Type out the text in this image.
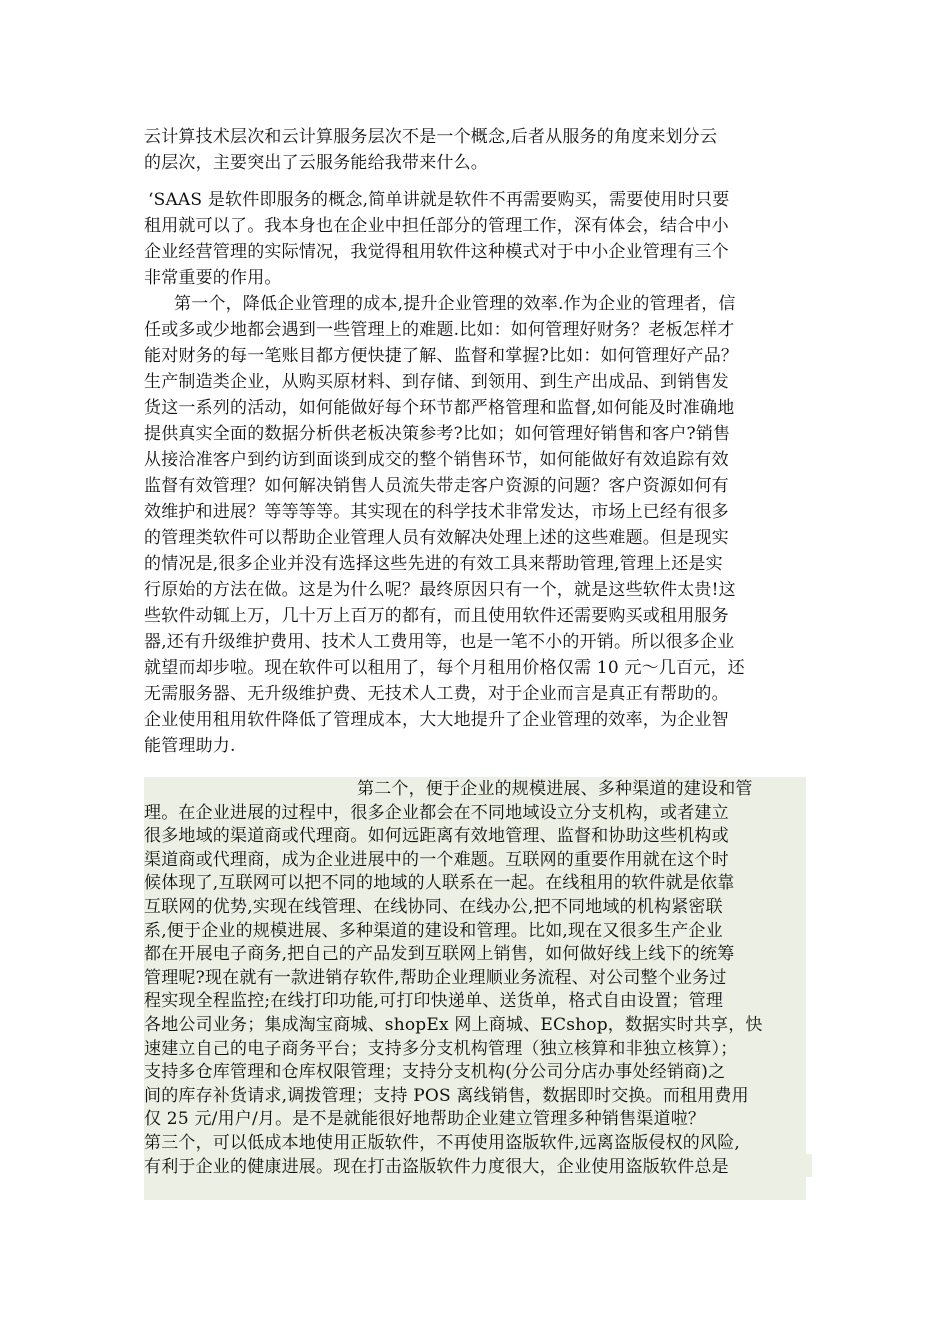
云计算技术层次和云计算服务层次不是一个概念,后者从服务的角度来划分云
的层次，主要突出了云服务能给我带来什么。
‘SAAS 是软件即服务的概念,简单讲就是软件不再需要购买，需要使用时只要
租用就可以了。我本身也在企业中担任部分的管理工作，深有体会，结合中小
企业经营管理的实际情况，我觉得租用软件这种模式对于中小企业管理有三个
非常重要的作用。
第一个，降低企业管理的成本,提升企业管理的效率.作为企业的管理者，信
任或多或少地都会遇到一些管理上的难题.比如：如何管理好财务？老板怎样才
能对财务的每一笔账目都方便快捷了解、监督和掌握?比如：如何管理好产品？
生产制造类企业，从购买原材料、到存储、到领用、到生产出成品、到销售发
货这一系列的活动，如何能做好每个环节都严格管理和监督,如何能及时准确地
提供真实全面的数据分析供老板决策参考?比如；如何管理好销售和客户?销售
从接洽准客户到约访到面谈到成交的整个销售环节，如何能做好有效追踪有效
监督有效管理？如何解决销售人员流失带走客户资源的问题？客户资源如何有
效维护和进展？等等等等。其实现在的科学技术非常发达，市场上已经有很多
的管理类软件可以帮助企业管理人员有效解决处理上述的这些难题。但是现实
的情况是,很多企业并没有选择这些先进的有效工具来帮助管理,管理上还是实
行原始的方法在做。这是为什么呢？最终原因只有一个，就是这些软件太贵!这
些软件动辄上万，几十万上百万的都有，而且使用软件还需要购买或租用服务
器,还有升级维护费用、技术人工费用等，也是一笔不小的开销。所以很多企业
就望而却步啦。现在软件可以租用了，每个月租用价格仅需 10 元～几百元，还
无需服务器、无升级维护费、无技术人工费，对于企业而言是真正有帮助的。
企业使用租用软件降低了管理成本，大大地提升了企业管理的效率，为企业智
能管理助力.
第二个，便于企业的规模进展、多种渠道的建设和管
理。在企业进展的过程中，很多企业都会在不同地域设立分支机构，或者建立
很多地域的渠道商或代理商。如何远距离有效地管理、监督和协助这些机构或
渠道商或代理商，成为企业进展中的一个难题。互联网的重要作用就在这个时
候体现了,互联网可以把不同的地域的人联系在一起。在线租用的软件就是依靠
互联网的优势,实现在线管理、在线协同、在线办公,把不同地域的机构紧密联
系,便于企业的规模进展、多种渠道的建设和管理。比如,现在又很多生产企业
都在开展电子商务,把自己的产品发到互联网上销售，如何做好线上线下的统筹
管理呢?现在就有一款进销存软件,帮助企业理顺业务流程、对公司整个业务过
程实现全程监控;在线打印功能,可打印快递单、送货单，格式自由设置；管理
各地公司业务；集成淘宝商城、shopEx 网上商城、ECshop，数据实时共享，快
速建立自己的电子商务平台；支持多分支机构管理（独立核算和非独立核算）；
支持多仓库管理和仓库权限管理；支持分支机构(分公司分店办事处经销商)之
间的库存补货请求,调拨管理；支持 POS 离线销售，数据即时交换。而租用费用
仅 25 元/用户/月。是不是就能很好地帮助企业建立管理多种销售渠道啦？
第三个，可以低成本地使用正版软件，不再使用盗版软件,远离盗版侵权的风险,
有利于企业的健康进展。现在打击盗版软件力度很大，企业使用盗版软件总是
